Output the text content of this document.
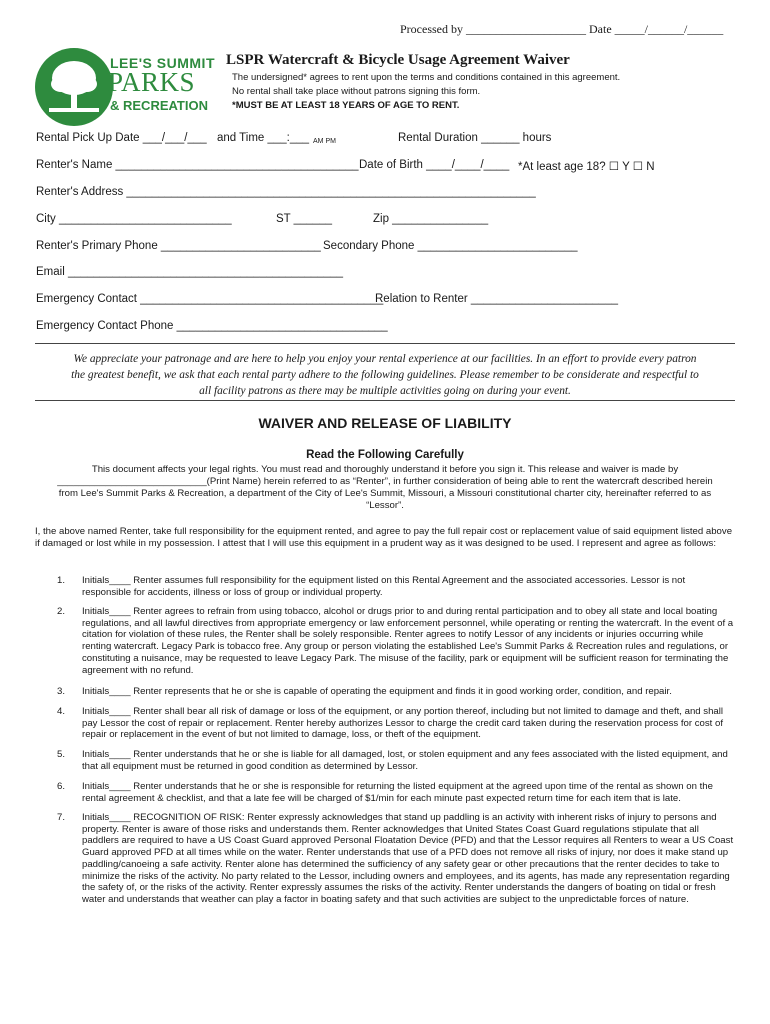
Processed by ____________________ Date _____/______/______
LEE'S SUMMIT
PARKS
& RECREATION
LSPR Watercraft & Bicycle Usage Agreement Waiver
The undersigned* agrees to rent upon the terms and conditions contained in this agreement.
No rental shall take place without patrons signing this form.
*MUST BE AT LEAST 18 YEARS OF AGE TO RENT.
Rental Pick Up Date ___/___/___ and Time ___:___ AM PM	Rental Duration ______ hours
Renter's Name ______________________________________ Date of Birth ____/____/____ *At least age 18? ☐ Y ☐ N
Renter's Address ________________________________________________________________
City ___________________________	ST ______	Zip _______________
Renter's Primary Phone _________________________ Secondary Phone _________________________
Email ___________________________________________
Emergency Contact ______________________________________
Relation to Renter _______________________
Emergency Contact Phone _________________________________
We appreciate your patronage and are here to help you enjoy your rental experience at our facilities. In an effort to provide every patron
the greatest benefit, we ask that each rental party adhere to the following guidelines. Please remember to be considerate and respectful to
all facility patrons as there may be multiple activities going on during your event.
WAIVER AND RELEASE OF LIABILITY
Read the Following Carefully
This document affects your legal rights. You must read and thoroughly understand it before you sign it. This release and waiver is made by
____________________________(Print Name) herein referred to as “Renter”, in further consideration of being able to rent the watercraft described herein
from Lee's Summit Parks & Recreation, a department of the City of Lee's Summit, Missouri, a Missouri constitutional charter city, hereinafter referred to as
“Lessor”.
I, the above named Renter, take full responsibility for the equipment rented, and agree to pay the full repair cost or replacement value of said equipment listed above if damaged or lost while in my possession. I attest that I will use this equipment in a prudent way as it was designed to be used. I represent and agree as follows:
1. Initials____ Renter assumes full responsibility for the equipment listed on this Rental Agreement and the associated accessories. Lessor is not responsible for accidents, illness or loss of group or individual property.
2. Initials____ Renter agrees to refrain from using tobacco, alcohol or drugs prior to and during rental participation and to obey all state and local boating regulations, and all lawful directives from appropriate emergency or law enforcement personnel, while operating or renting the watercraft. In the event of a citation for violation of these rules, the Renter shall be solely responsible. Renter agrees to notify Lessor of any incidents or injuries occurring while renting watercraft. Legacy Park is tobacco free. Any group or person violating the established Lee's Summit Parks & Recreation rules and regulations, or constituting a nuisance, may be requested to leave Legacy Park. The misuse of the facility, park or equipment will be sufficient reason for terminating the agreement with no refund.
3. Initials____ Renter represents that he or she is capable of operating the equipment and finds it in good working order, condition, and repair.
4. Initials____ Renter shall bear all risk of damage or loss of the equipment, or any portion thereof, including but not limited to damage and theft, and shall pay Lessor the cost of repair or replacement. Renter hereby authorizes Lessor to charge the credit card taken during the reservation process for cost of repair or replacement in the event of but not limited to damage, loss, or theft of the equipment.
5. Initials____ Renter understands that he or she is liable for all damaged, lost, or stolen equipment and any fees associated with the listed equipment, and that all equipment must be returned in good condition as determined by Lessor.
6. Initials____ Renter understands that he or she is responsible for returning the listed equipment at the agreed upon time of the rental as shown on the rental agreement & checklist, and that a late fee will be charged of $1/min for each minute past expected return time for each item that is late.
7. Initials____ RECOGNITION OF RISK: Renter expressly acknowledges that stand up paddling is an activity with inherent risks of injury to persons and property. Renter is aware of those risks and understands them. Renter acknowledges that United States Coast Guard regulations stipulate that all paddlers are required to have a US Coast Guard approved Personal Floatation Device (PFD) and that the Lessor requires all Renters to wear a US Coast Guard approved PFD at all times while on the water. Renter understands that use of a PFD does not remove all risks of injury, nor does it make stand up paddling/canoeing a safe activity. Renter alone has determined the sufficiency of any safety gear or other precautions that the renter decides to take to minimize the risks of the activity. No party related to the Lessor, including owners and employees, and its agents, has made any representation regarding the safety of, or the risks of the activity. Renter expressly assumes the risks of the activity. Renter understands the dangers of boating on tidal or fresh water and understands that weather can play a factor in boating safety and that such activities are subject to the unpredictable forces of nature.
